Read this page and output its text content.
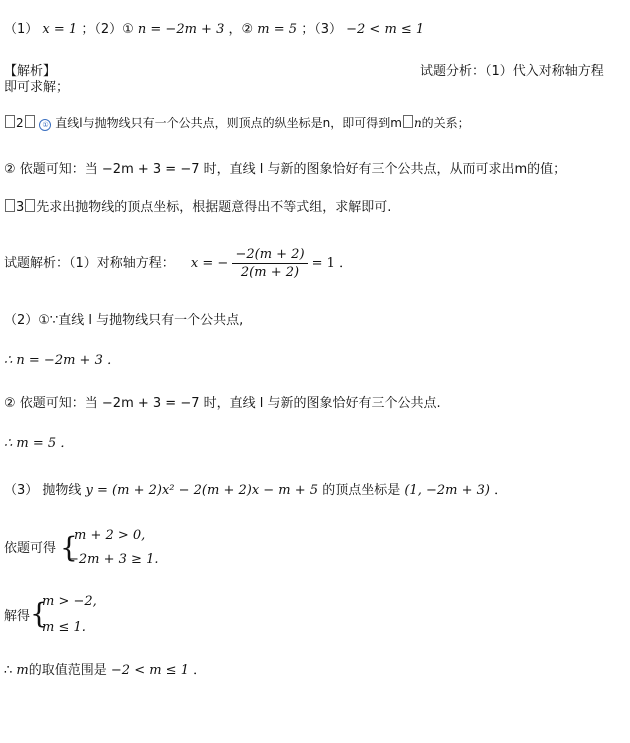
（1） x = 1 ；（2）① n = −2m + 3 ，② m = 5 ；（3） −2 < m ≤ 1
【解析】	试题分析：（1）代入对称轴方程
即可求解；
2	① 直线l与抛物线只有一个公共点，则顶点的纵坐标是n，即可得到m n的关系；
② 依题可知：当 −2m + 3 = −7 时，直线 l 与新的图象恰好有三个公共点，从而可求出m的值；
3 先求出抛物线的顶点坐标，根据题意得出不等式组，求解即可.
试题解析：（1）对称轴方程： x = − $\frac{-2(m + 2)}{2(m + 2)} = 1$ ．
（2）①∵直线 l 与抛物线只有一个公共点,
∴ n = −2m + 3 ．
② 依题可知：当 −2m + 3 = −7 时，直线 l 与新的图象恰好有三个公共点.
∴ m = 5 ．
（3） 抛物线 y = (m + 2)x² − 2(m + 2)x − m + 5 的顶点坐标是 (1, −2m + 3) ．
依题可得 {
m + 2 > 0,
−2m + 3 ≥ 1.
解得 {
m > −2,
m ≤ 1.
∴ m的取值范围是 −2 < m ≤ 1 ．
